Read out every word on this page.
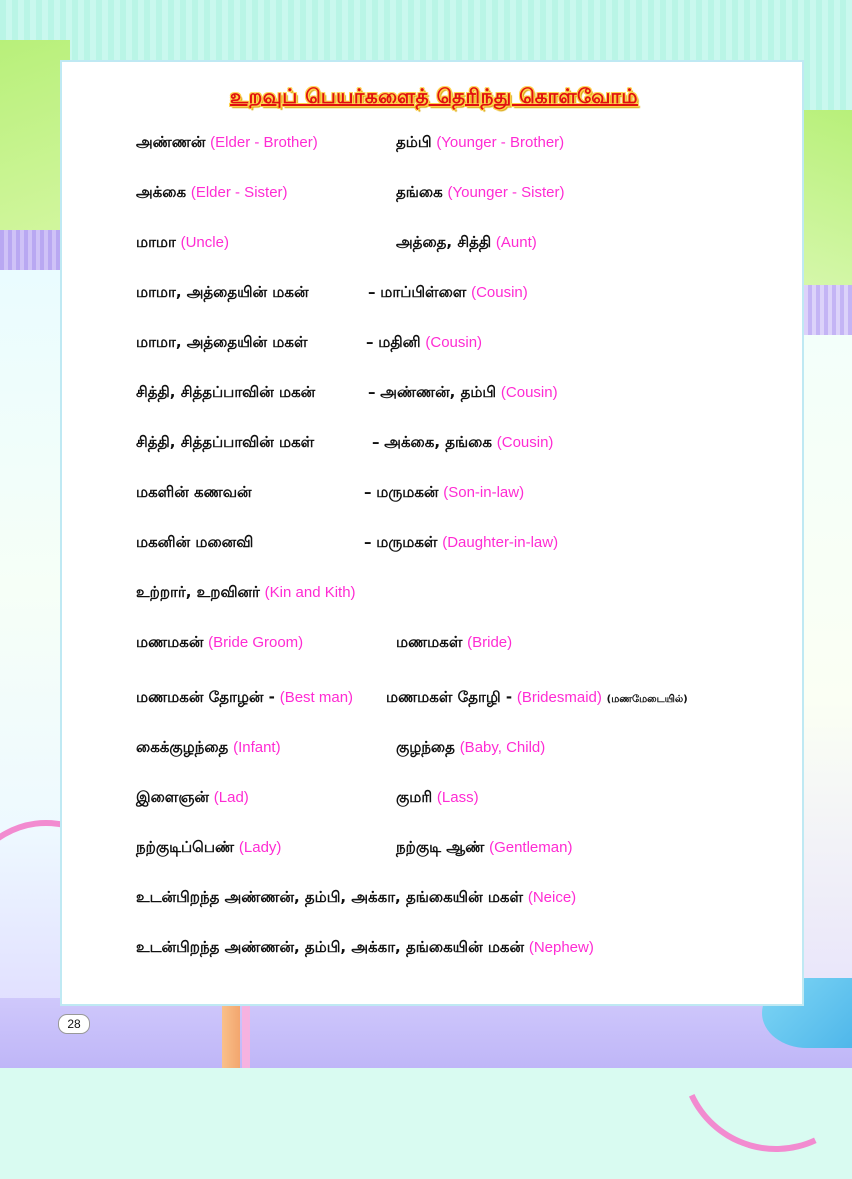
உறவுப் பெயர்களைத் தெரிந்து கொள்வோம்
அண்ணன் (Elder - Brother)	தம்பி (Younger - Brother)
அக்கை (Elder - Sister)	தங்கை (Younger - Sister)
மாமா (Uncle)	அத்தை, சித்தி (Aunt)
மாமா, அத்தையின் மகன்	– மாப்பிள்ளை (Cousin)
மாமா, அத்தையின் மகள்	– மதினி (Cousin)
சித்தி, சித்தப்பாவின் மகன்	– அண்ணன், தம்பி (Cousin)
சித்தி, சித்தப்பாவின் மகள்	– அக்கை, தங்கை (Cousin)
மகளின் கணவன்	– மருமகன் (Son-in-law)
மகனின் மனைவி	– மருமகள் (Daughter-in-law)
உற்றார், உறவினர் (Kin and Kith)
மணமகன் (Bride Groom)	மணமகள் (Bride)
மணமகன் தோழன் - (Best man) மணமகள் தோழி - (Bridesmaid) (மணமேடையில்)
கைக்குழந்தை (Infant)	குழந்தை (Baby, Child)
இளைஞன் (Lad)	குமரி (Lass)
நற்குடிப்பெண் (Lady)	நற்குடி ஆண் (Gentleman)
உடன்பிறந்த அண்ணன், தம்பி, அக்கா, தங்கையின் மகள் (Neice)
உடன்பிறந்த அண்ணன், தம்பி, அக்கா, தங்கையின் மகன் (Nephew)
28
